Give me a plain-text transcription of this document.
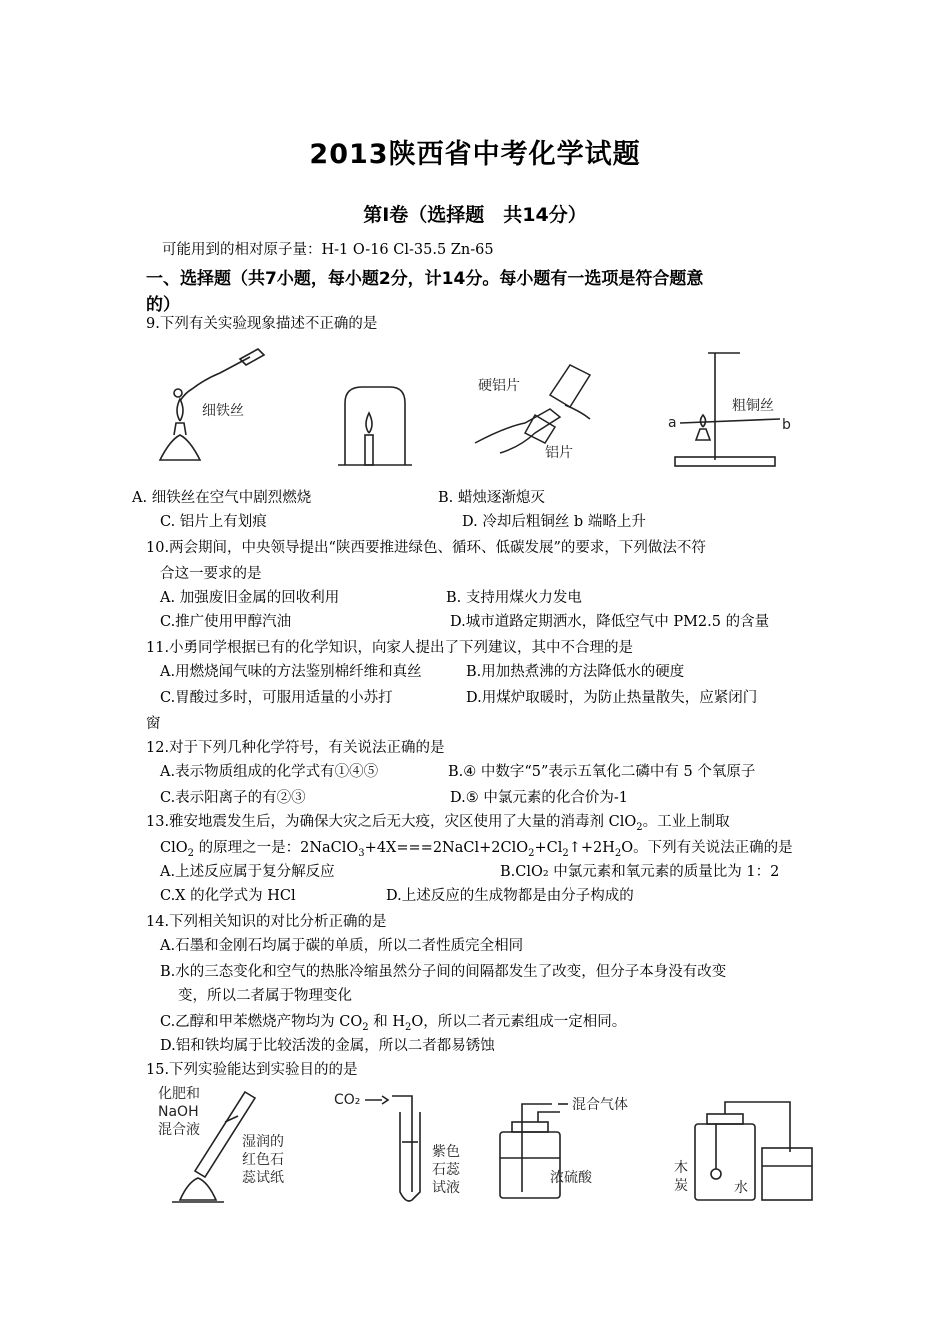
2013陕西省中考化学试题
第Ⅰ卷（选择题　共14分）
可能用到的相对原子量：H-1 O-16 Cl-35.5 Zn-65
一、选择题（共7小题，每小题2分，计14分。每小题有一选项是符合题意
的）
9.下列有关实验现象描述不正确的是
细铁丝
硬铝片
铝片
a	b
粗铜丝
A. 细铁丝在空气中剧烈燃烧	B. 蜡烛逐渐熄灭
C. 铝片上有划痕	D. 冷却后粗铜丝 b 端略上升
10.两会期间，中央领导提出“陕西要推进绿色、循环、低碳发展”的要求，下列做法不符
合这一要求的是
A. 加强废旧金属的回收利用	B. 支持用煤火力发电
C.推广使用甲醇汽油	D.城市道路定期洒水，降低空气中 PM2.5 的含量
11.小勇同学根据已有的化学知识，向家人提出了下列建议，其中不合理的是
A.用燃烧闻气味的方法鉴别棉纤维和真丝	B.用加热煮沸的方法降低水的硬度
C.胃酸过多时，可服用适量的小苏打	D.用煤炉取暖时，为防止热量散失，应紧闭门
窗
12.对于下列几种化学符号，有关说法正确的是
A.表示物质组成的化学式有①④⑤	B.④ 中数字“5”表示五氧化二磷中有 5 个氧原子
C.表示阳离子的有②③	D.⑤ 中氯元素的化合价为-1
13.雅安地震发生后，为确保大灾之后无大疫，灾区使用了大量的消毒剂 ClO$_2$。工业上制取
ClO$_2$ 的原理之一是：$2NaClO_3+4X===2NaCl+2ClO_2+Cl_2↑+2H_2O$。下列有关说法正确的是
A.上述反应属于复分解反应	B.ClO₂ 中氯元素和氧元素的质量比为 1：2
C.X 的化学式为 HCl	D.上述反应的生成物都是由分子构成的
14.下列相关知识的对比分析正确的是
A.石墨和金刚石均属于碳的单质，所以二者性质完全相同
B.水的三态变化和空气的热胀冷缩虽然分子间的间隔都发生了改变，但分子本身没有改变
变，所以二者属于物理变化
C.乙醇和甲苯燃烧产物均为 $CO_2$ 和 $H_2O$，所以二者元素组成一定相同。
D.铝和铁均属于比较活泼的金属，所以二者都易锈蚀
15.下列实验能达到实验目的的是
化肥和
NaOH
混合液
湿润的
红色石
蕊试纸
CO₂
紫色
石蕊
试液
混合气体
浓硫酸
木
炭	水
